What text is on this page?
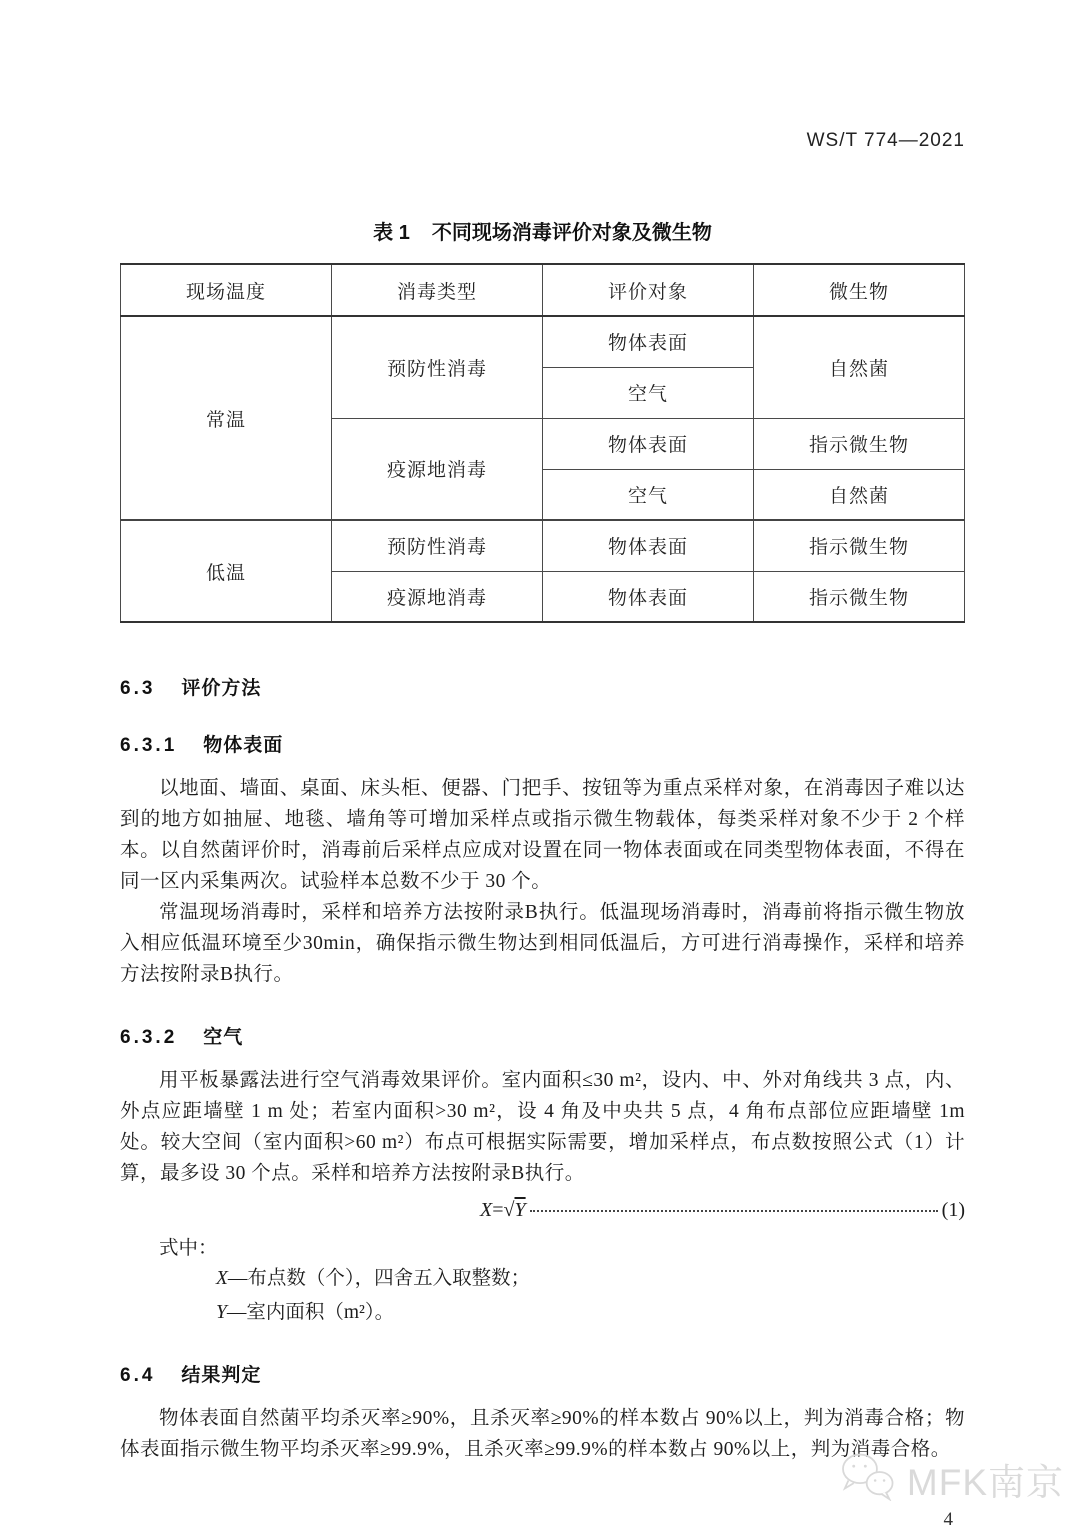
WS/T 774—2021
表 1 不同现场消毒评价对象及微生物
现场温度	消毒类型	评价对象	微生物
常温	预防性消毒	物体表面	自然菌
		空气	
	疫源地消毒	物体表面	指示微生物
		空气	自然菌
低温	预防性消毒	物体表面	指示微生物
	疫源地消毒	物体表面	指示微生物
6.3 评价方法
6.3.1 物体表面

以地面、墙面、桌面、床头柜、便器、门把手、按钮等为重点采样对象，在消毒因子难以达到的地方如抽屉、地毯、墙角等可增加采样点或指示微生物载体，每类采样对象不少于 2 个样本。以自然菌评价时，消毒前后采样点应成对设置在同一物体表面或在同类型物体表面，不得在同一区内采集两次。试验样本总数不少于 30 个。

常温现场消毒时，采样和培养方法按附录B执行。低温现场消毒时，消毒前将指示微生物放入相应低温环境至少30min，确保指示微生物达到相同低温后，方可进行消毒操作，采样和培养方法按附录B执行。

6.3.2 空气

用平板暴露法进行空气消毒效果评价。室内面积≤30 m²，设内、中、外对角线共 3 点，内、外点应距墙壁 1 m 处；若室内面积>30 m²，设 4 角及中央共 5 点，4 角布点部位应距墙壁 1m 处。较大空间（室内面积>60 m²）布点可根据实际需要，增加采样点，布点数按照公式（1）计算，最多设 30 个点。采样和培养方法按附录B执行。

X = √ Y	(1)
式中：
X—布点数（个），四舍五入取整数；
Y—室内面积（m²）。
6.4 结果判定

物体表面自然菌平均杀灭率≥90%，且杀灭率≥90%的样本数占 90%以上，判为消毒合格；物体表面指示微生物平均杀灭率≥99.9%，且杀灭率≥99.9%的样本数占 90%以上，判为消毒合格。

4
MFK南京
